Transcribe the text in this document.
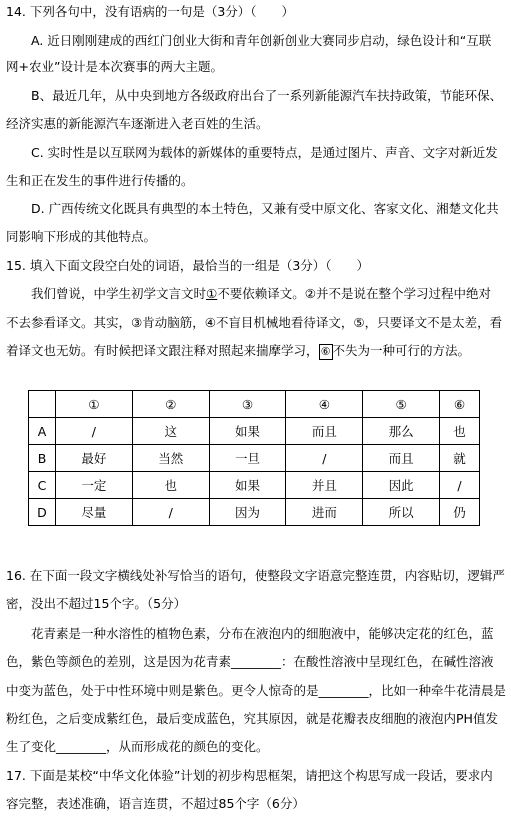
14. 下列各句中，没有语病的一句是（3分）（　　）
A. 近日刚刚建成的西红门创业大街和青年创新创业大赛同步启动，绿色设计和“互联
网+农业”设计是本次赛事的两大主题。
B、最近几年，从中央到地方各级政府出台了一系列新能源汽车扶持政策，节能环保、
经济实惠的新能源汽车逐渐进入老百姓的生活。
C. 实时性是以互联网为载体的新媒体的重要特点，是通过图片、声音、文字对新近发
生和正在发生的事件进行传播的。
D. 广西传统文化既具有典型的本土特色，又兼有受中原文化、客家文化、湘楚文化共
同影响下形成的其他特点。
15. 填入下面文段空白处的词语，最恰当的一组是（3分）（　　）
我们曾说，中学生初学文言文时①不要依赖译文。②并不是说在整个学习过程中绝对
不去参看译文。其实，③肯动脑筋，④不盲目机械地看待译文，⑤，只要译文不是太差，看
着译文也无妨。有时候把译文跟注释对照起来揣摩学习， ⑥ 不失为一种可行的方法。
	①	②	③	④	⑤	⑥
A	/	这	如果	而且	那么	也
B	最好	当然	一旦	/	而且	就
C	一定	也	如果	并且	因此	/
D	尽量	/	因为	进而	所以	仍
16. 在下面一段文字横线处补写恰当的语句，使整段文字语意完整连贯，内容贴切，逻辑严
密，没出不超过15个字。（5分）
花青素是一种水溶性的植物色素，分布在液泡内的细胞液中，能够决定花的红色，蓝
色，紫色等颜色的差别，这是因为花青素________：在酸性溶液中呈现红色，在碱性溶液
中变为蓝色，处于中性环境中则是紫色。更令人惊奇的是________，比如一种牵牛花清晨是
粉红色，之后变成紫红色，最后变成蓝色，究其原因，就是花瓣表皮细胞的液泡内PH值发
生了变化________，从而形成花的颜色的变化。
17. 下面是某校“中华文化体验”计划的初步构思框架，请把这个构思写成一段话，要求内
容完整，表述准确，语言连贯，不超过85个字（6分）
